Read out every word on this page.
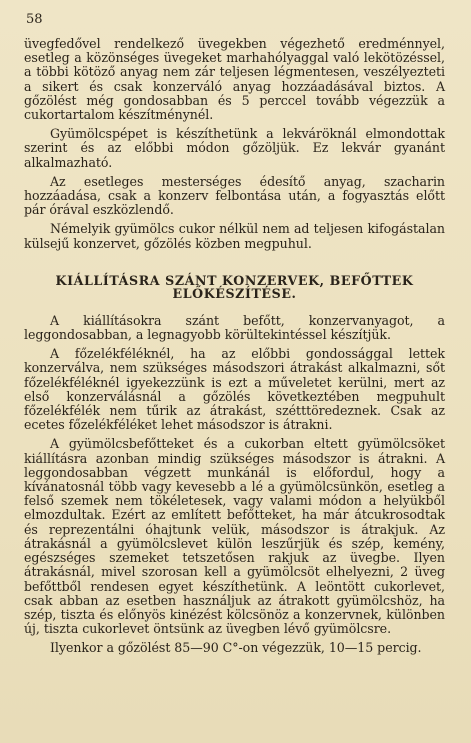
58

üvegfedővel rendelkező üvegekben végezhető eredménnyel, esetleg a közönséges üvegeket marhahólyaggal való lekötözéssel, a többi kötöző anyag nem zár teljesen légmentesen, veszélyezteti a sikert és csak konzerváló anyag hozzáadásával biztos. A gőzölést még gondosabban és 5 perccel tovább végezzük a cukortartalom készítménynél.

Gyümölcspépet is készíthetünk a lekváröknál elmondottak szerint és az előbbi módon gőzöljük. Ez lekvár gyanánt alkalmazható.

Az esetleges mesterséges édesítő anyag, szacharin hozzáadása, csak a konzerv felbontása után, a fogyasztás előtt pár órával eszközlendő.

Némelyik gyümölcs cukor nélkül nem ad teljesen kifogástalan külsejű konzervet, gőzölés közben megpuhul.

KIÁLLÍTÁSRA SZÁNT KONZERVEK, BEFŐTTEK ELŐKÉSZÍTÉSE.

A kiállításokra szánt befőtt, konzervanyagot, a leggondosabban, a legnagyobb körültekintéssel készítjük.

A főzelékféléknél, ha az előbbi gondossággal lettek konzerválva, nem szükséges másodszori átrakást alkalmazni, sőt főzelékféléknél igyekezzünk is ezt a műveletet kerülni, mert az első konzerválásnál a gőzölés következtében megpuhult főzelékfélék nem tűrik az átrakást, szétttöredeznek. Csak az ecetes főzelékféléket lehet másodszor is átrakni.

A gyümölcsbefőtteket és a cukorban eltett gyümölcsöket kiállításra azonban mindig szükséges másodszor is átrakni. A leggondosabban végzett munkánál is előfordul, hogy a kívánatosnál több vagy kevesebb a lé a gyümölcsünkön, esetleg a felső szemek nem tökéletesek, vagy valami módon a helyükből elmozdultak. Ezért az említett befőtteket, ha már átcukrosodtak és reprezentálni óhajtunk velük, másodszor is átrakjuk. Az átrakásnál a gyümölcslevet külön leszűrjük és szép, kemény, egészséges szemeket tetszetősen rakjuk az üvegbe. Ilyen átrakásnál, mivel szorosan kell a gyümölcsöt elhelyezni, 2 üveg befőttből rendesen egyet készíthetünk. A leöntött cukorlevet, csak abban az esetben használjuk az átrakott gyümölcshöz, ha szép, tiszta és előnyös kinézést kölcsönöz a konzervnek, különben új, tiszta cukorlevet öntsünk az üvegben lévő gyümölcsre.

Ilyenkor a gőzölést 85—90 C°-on végezzük, 10—15 percig.
